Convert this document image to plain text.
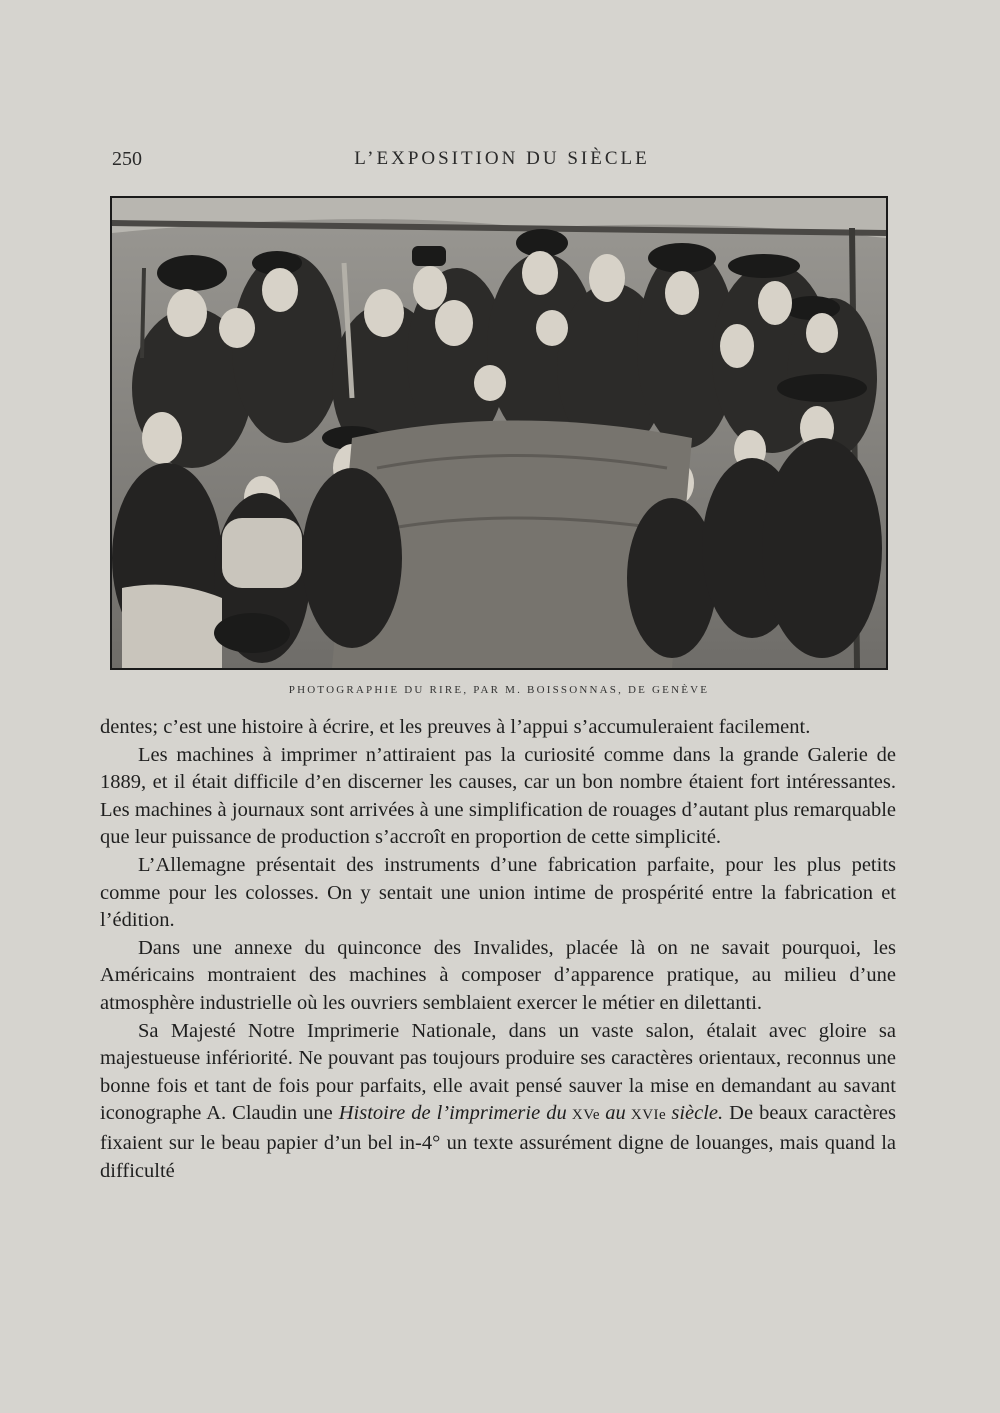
250	L’EXPOSITION DU SIÈCLE
PHOTOGRAPHIE DU RIRE, PAR M. BOISSONNAS, DE GENÈVE

dentes; c’est une histoire à écrire, et les preuves à l’appui s’accumuleraient facilement.

Les machines à imprimer n’attiraient pas la curiosité comme dans la grande Galerie de 1889, et il était difficile d’en discerner les causes, car un bon nombre étaient fort intéressantes. Les machines à journaux sont arrivées à une simplification de rouages d’autant plus remarquable que leur puissance de production s’accroît en proportion de cette simplicité.

L’Allemagne présentait des instruments d’une fabrication parfaite, pour les plus petits comme pour les colosses. On y sentait une union intime de prospérité entre la fabrication et l’édition.

Dans une annexe du quinconce des Invalides, placée là on ne savait pourquoi, les Américains montraient des machines à composer d’apparence pratique, au milieu d’une atmosphère industrielle où les ouvriers semblaient exercer le métier en dilettanti.

Sa Majesté Notre Imprimerie Nationale, dans un vaste salon, étalait avec gloire sa majestueuse infériorité. Ne pouvant pas toujours produire ses caractères orientaux, reconnus une bonne fois et tant de fois pour parfaits, elle avait pensé sauver la mise en demandant au savant iconographe A. Claudin une Histoire de l’imprimerie du XVe au XVIe siècle. De beaux caractères fixaient sur le beau papier d’un bel in-4° un texte assurément digne de louanges, mais quand la difficulté
